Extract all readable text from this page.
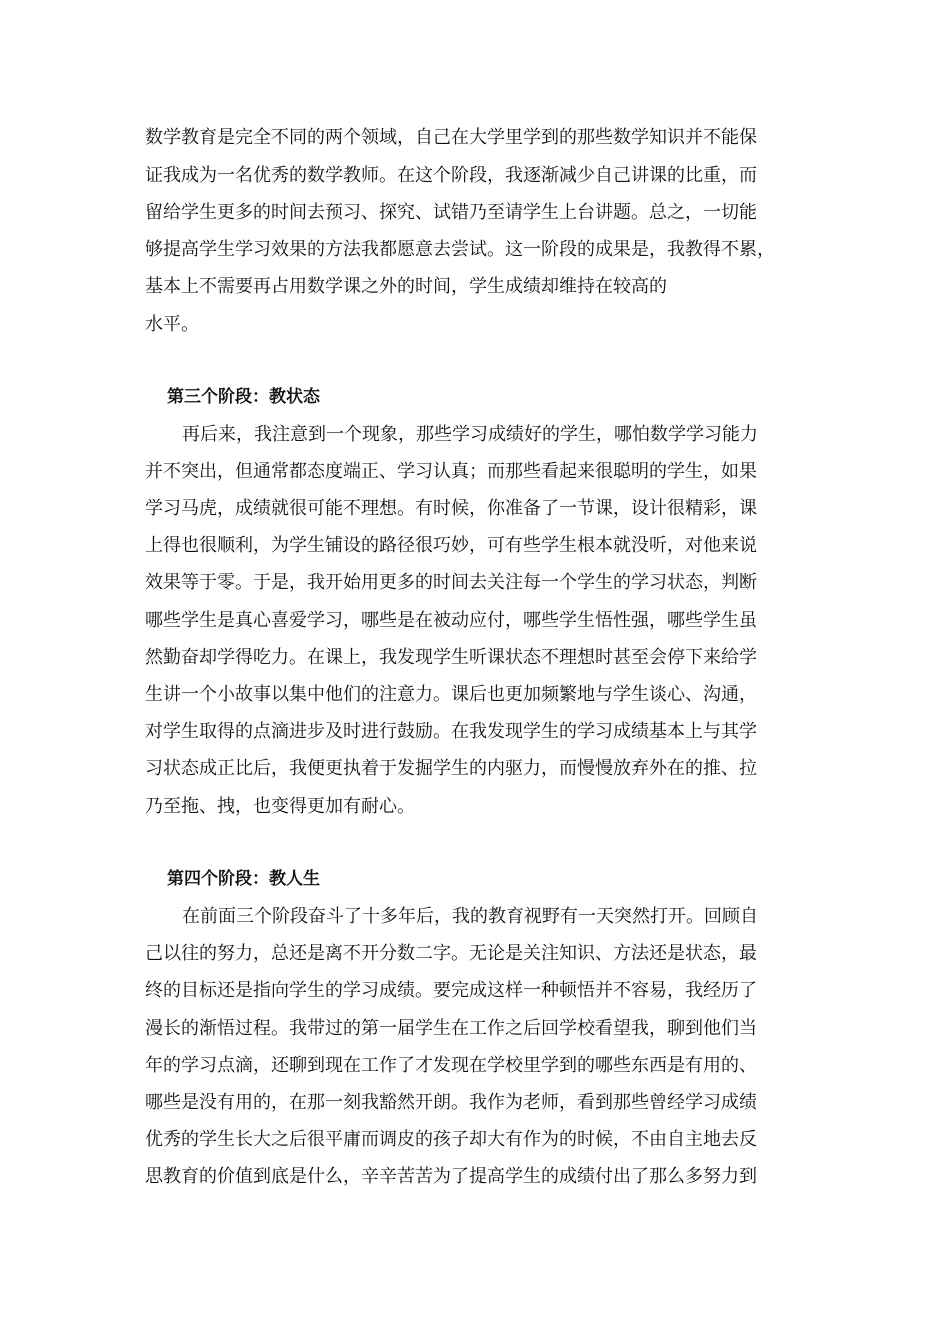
数学教育是完全不同的两个领域，自己在大学里学到的那些数学知识并不能保

证我成为一名优秀的数学教师。在这个阶段，我逐渐减少自己讲课的比重，而

留给学生更多的时间去预习、探究、试错乃至请学生上台讲题。总之，一切能

够提高学生学习效果的方法我都愿意去尝试。这一阶段的成果是，我教得不累，

基本上不需要再占用数学课之外的时间，学生成绩却维持在较高的

水平。

第三个阶段：教状态

再后来，我注意到一个现象，那些学习成绩好的学生，哪怕数学学习能力

并不突出，但通常都态度端正、学习认真；而那些看起来很聪明的学生，如果

学习马虎，成绩就很可能不理想。有时候，你准备了一节课，设计很精彩，课

上得也很顺利，为学生铺设的路径很巧妙，可有些学生根本就没听，对他来说

效果等于零。于是，我开始用更多的时间去关注每一个学生的学习状态，判断

哪些学生是真心喜爱学习，哪些是在被动应付，哪些学生悟性强，哪些学生虽

然勤奋却学得吃力。在课上，我发现学生听课状态不理想时甚至会停下来给学

生讲一个小故事以集中他们的注意力。课后也更加频繁地与学生谈心、沟通，

对学生取得的点滴进步及时进行鼓励。在我发现学生的学习成绩基本上与其学

习状态成正比后，我便更执着于发掘学生的内驱力，而慢慢放弃外在的推、拉

乃至拖、拽，也变得更加有耐心。

第四个阶段：教人生

在前面三个阶段奋斗了十多年后，我的教育视野有一天突然打开。回顾自

己以往的努力，总还是离不开分数二字。无论是关注知识、方法还是状态，最

终的目标还是指向学生的学习成绩。要完成这样一种顿悟并不容易，我经历了

漫长的渐悟过程。我带过的第一届学生在工作之后回学校看望我，聊到他们当

年的学习点滴，还聊到现在工作了才发现在学校里学到的哪些东西是有用的、

哪些是没有用的，在那一刻我豁然开朗。我作为老师，看到那些曾经学习成绩

优秀的学生长大之后很平庸而调皮的孩子却大有作为的时候，不由自主地去反

思教育的价值到底是什么，辛辛苦苦为了提高学生的成绩付出了那么多努力到
